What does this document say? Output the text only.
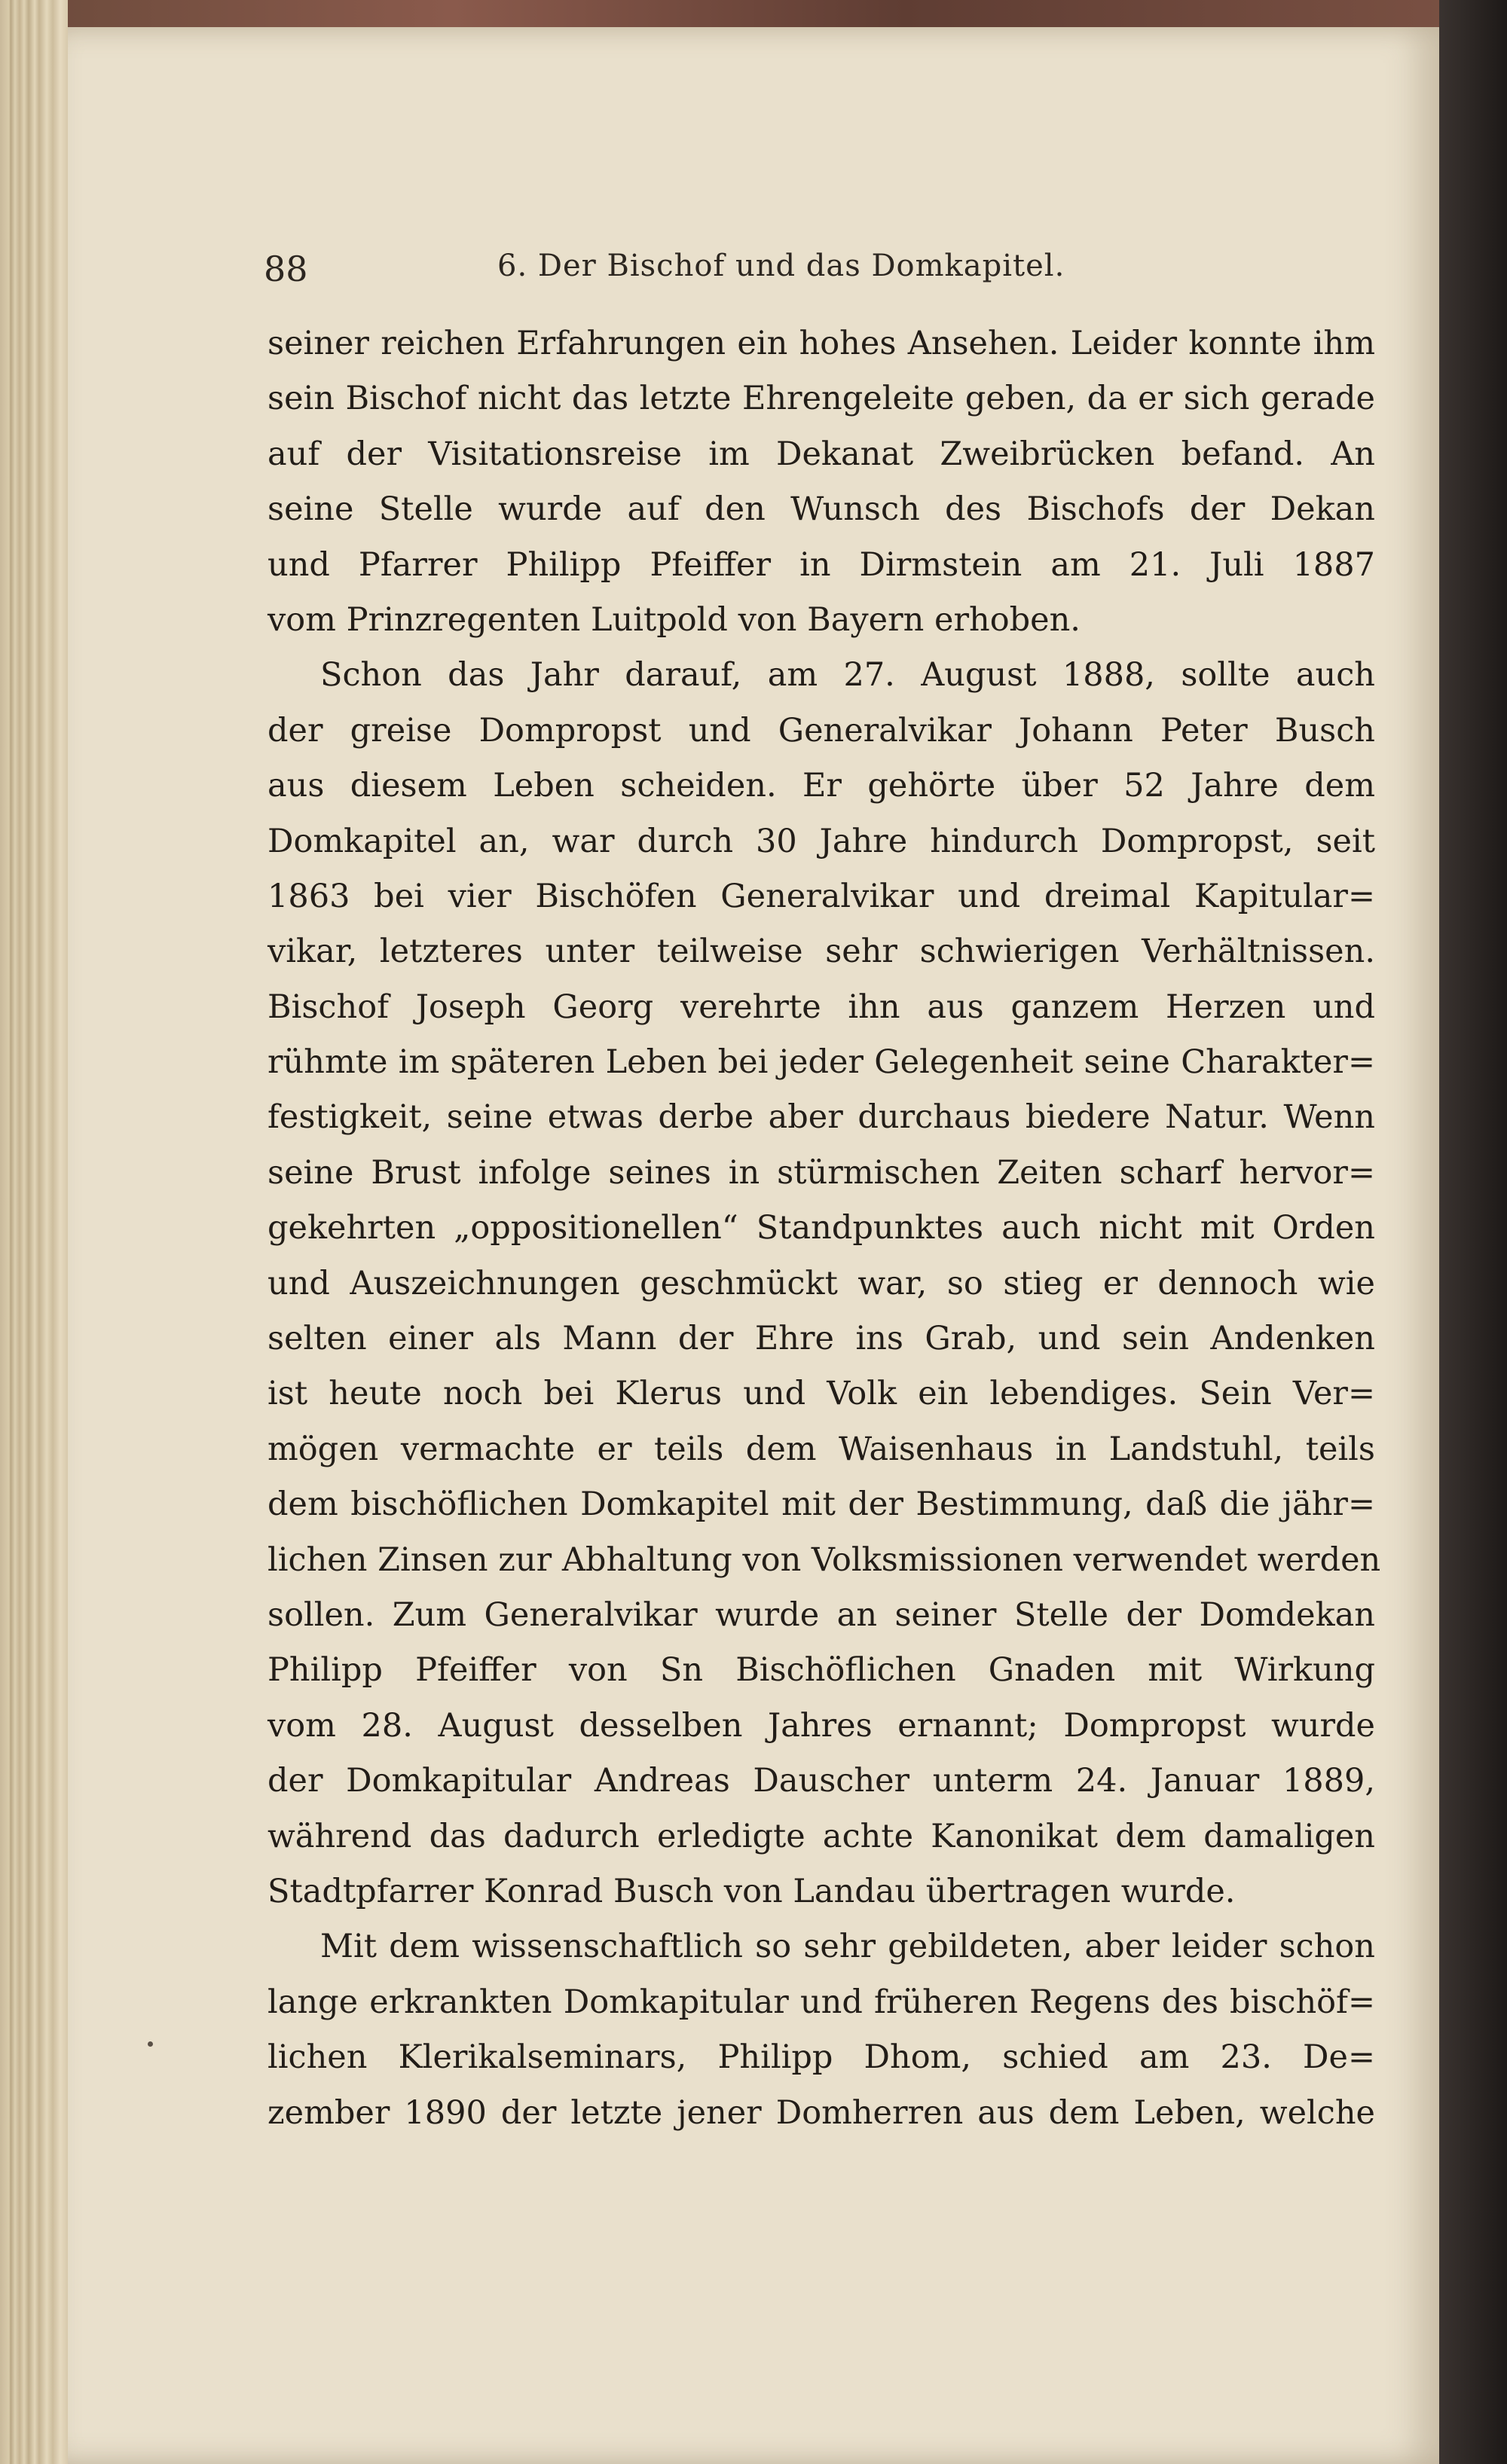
88	6. Der Bischof und das Domkapitel.
seiner reichen Erfahrungen ein hohes Ansehen. Leider konnte ihm
sein Bischof nicht das letzte Ehrengeleite geben, da er sich gerade
auf der Visitationsreise im Dekanat Zweibrücken befand. An
seine Stelle wurde auf den Wunsch des Bischofs der Dekan
und Pfarrer Philipp Pfeiffer in Dirmstein am 21. Juli 1887
vom Prinzregenten Luitpold von Bayern erhoben.
Schon das Jahr darauf, am 27. August 1888, sollte auch
der greise Dompropst und Generalvikar Johann Peter Busch
aus diesem Leben scheiden. Er gehörte über 52 Jahre dem
Domkapitel an, war durch 30 Jahre hindurch Dompropst, seit
1863 bei vier Bischöfen Generalvikar und dreimal Kapitular=
vikar, letzteres unter teilweise sehr schwierigen Verhältnissen.
Bischof Joseph Georg verehrte ihn aus ganzem Herzen und
rühmte im späteren Leben bei jeder Gelegenheit seine Charakter=
festigkeit, seine etwas derbe aber durchaus biedere Natur. Wenn
seine Brust infolge seines in stürmischen Zeiten scharf hervor=
gekehrten „oppositionellen“ Standpunktes auch nicht mit Orden
und Auszeichnungen geschmückt war, so stieg er dennoch wie
selten einer als Mann der Ehre ins Grab, und sein Andenken
ist heute noch bei Klerus und Volk ein lebendiges. Sein Ver=
mögen vermachte er teils dem Waisenhaus in Landstuhl, teils
dem bischöflichen Domkapitel mit der Bestimmung, daß die jähr=
lichen Zinsen zur Abhaltung von Volksmissionen verwendet werden
sollen. Zum Generalvikar wurde an seiner Stelle der Domdekan
Philipp Pfeiffer von Sn Bischöflichen Gnaden mit Wirkung
vom 28. August desselben Jahres ernannt; Dompropst wurde
der Domkapitular Andreas Dauscher unterm 24. Januar 1889,
während das dadurch erledigte achte Kanonikat dem damaligen
Stadtpfarrer Konrad Busch von Landau übertragen wurde.
Mit dem wissenschaftlich so sehr gebildeten, aber leider schon
lange erkrankten Domkapitular und früheren Regens des bischöf=
lichen Klerikalseminars, Philipp Dhom, schied am 23. De=
zember 1890 der letzte jener Domherren aus dem Leben, welche
